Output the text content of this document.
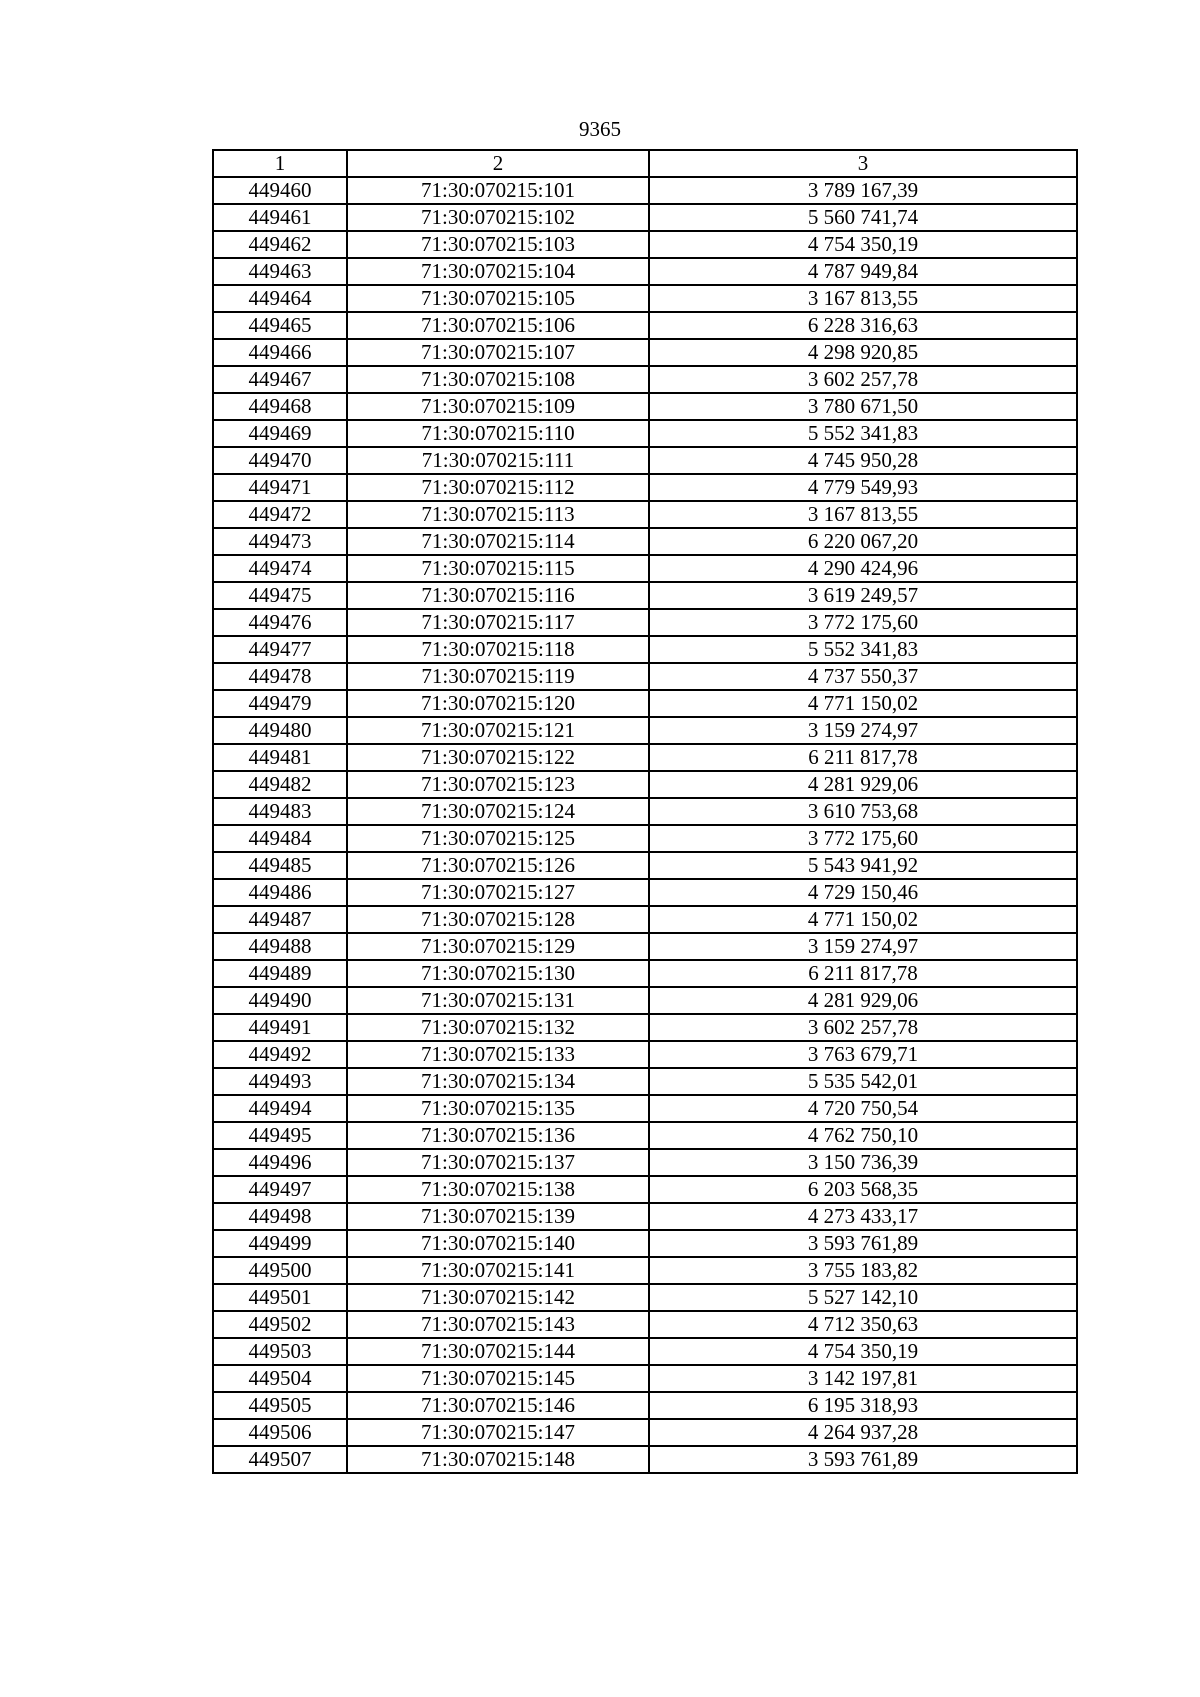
9365
1	2	3
449460	71:30:070215:101	3 789 167,39
449461	71:30:070215:102	5 560 741,74
449462	71:30:070215:103	4 754 350,19
449463	71:30:070215:104	4 787 949,84
449464	71:30:070215:105	3 167 813,55
449465	71:30:070215:106	6 228 316,63
449466	71:30:070215:107	4 298 920,85
449467	71:30:070215:108	3 602 257,78
449468	71:30:070215:109	3 780 671,50
449469	71:30:070215:110	5 552 341,83
449470	71:30:070215:111	4 745 950,28
449471	71:30:070215:112	4 779 549,93
449472	71:30:070215:113	3 167 813,55
449473	71:30:070215:114	6 220 067,20
449474	71:30:070215:115	4 290 424,96
449475	71:30:070215:116	3 619 249,57
449476	71:30:070215:117	3 772 175,60
449477	71:30:070215:118	5 552 341,83
449478	71:30:070215:119	4 737 550,37
449479	71:30:070215:120	4 771 150,02
449480	71:30:070215:121	3 159 274,97
449481	71:30:070215:122	6 211 817,78
449482	71:30:070215:123	4 281 929,06
449483	71:30:070215:124	3 610 753,68
449484	71:30:070215:125	3 772 175,60
449485	71:30:070215:126	5 543 941,92
449486	71:30:070215:127	4 729 150,46
449487	71:30:070215:128	4 771 150,02
449488	71:30:070215:129	3 159 274,97
449489	71:30:070215:130	6 211 817,78
449490	71:30:070215:131	4 281 929,06
449491	71:30:070215:132	3 602 257,78
449492	71:30:070215:133	3 763 679,71
449493	71:30:070215:134	5 535 542,01
449494	71:30:070215:135	4 720 750,54
449495	71:30:070215:136	4 762 750,10
449496	71:30:070215:137	3 150 736,39
449497	71:30:070215:138	6 203 568,35
449498	71:30:070215:139	4 273 433,17
449499	71:30:070215:140	3 593 761,89
449500	71:30:070215:141	3 755 183,82
449501	71:30:070215:142	5 527 142,10
449502	71:30:070215:143	4 712 350,63
449503	71:30:070215:144	4 754 350,19
449504	71:30:070215:145	3 142 197,81
449505	71:30:070215:146	6 195 318,93
449506	71:30:070215:147	4 264 937,28
449507	71:30:070215:148	3 593 761,89
